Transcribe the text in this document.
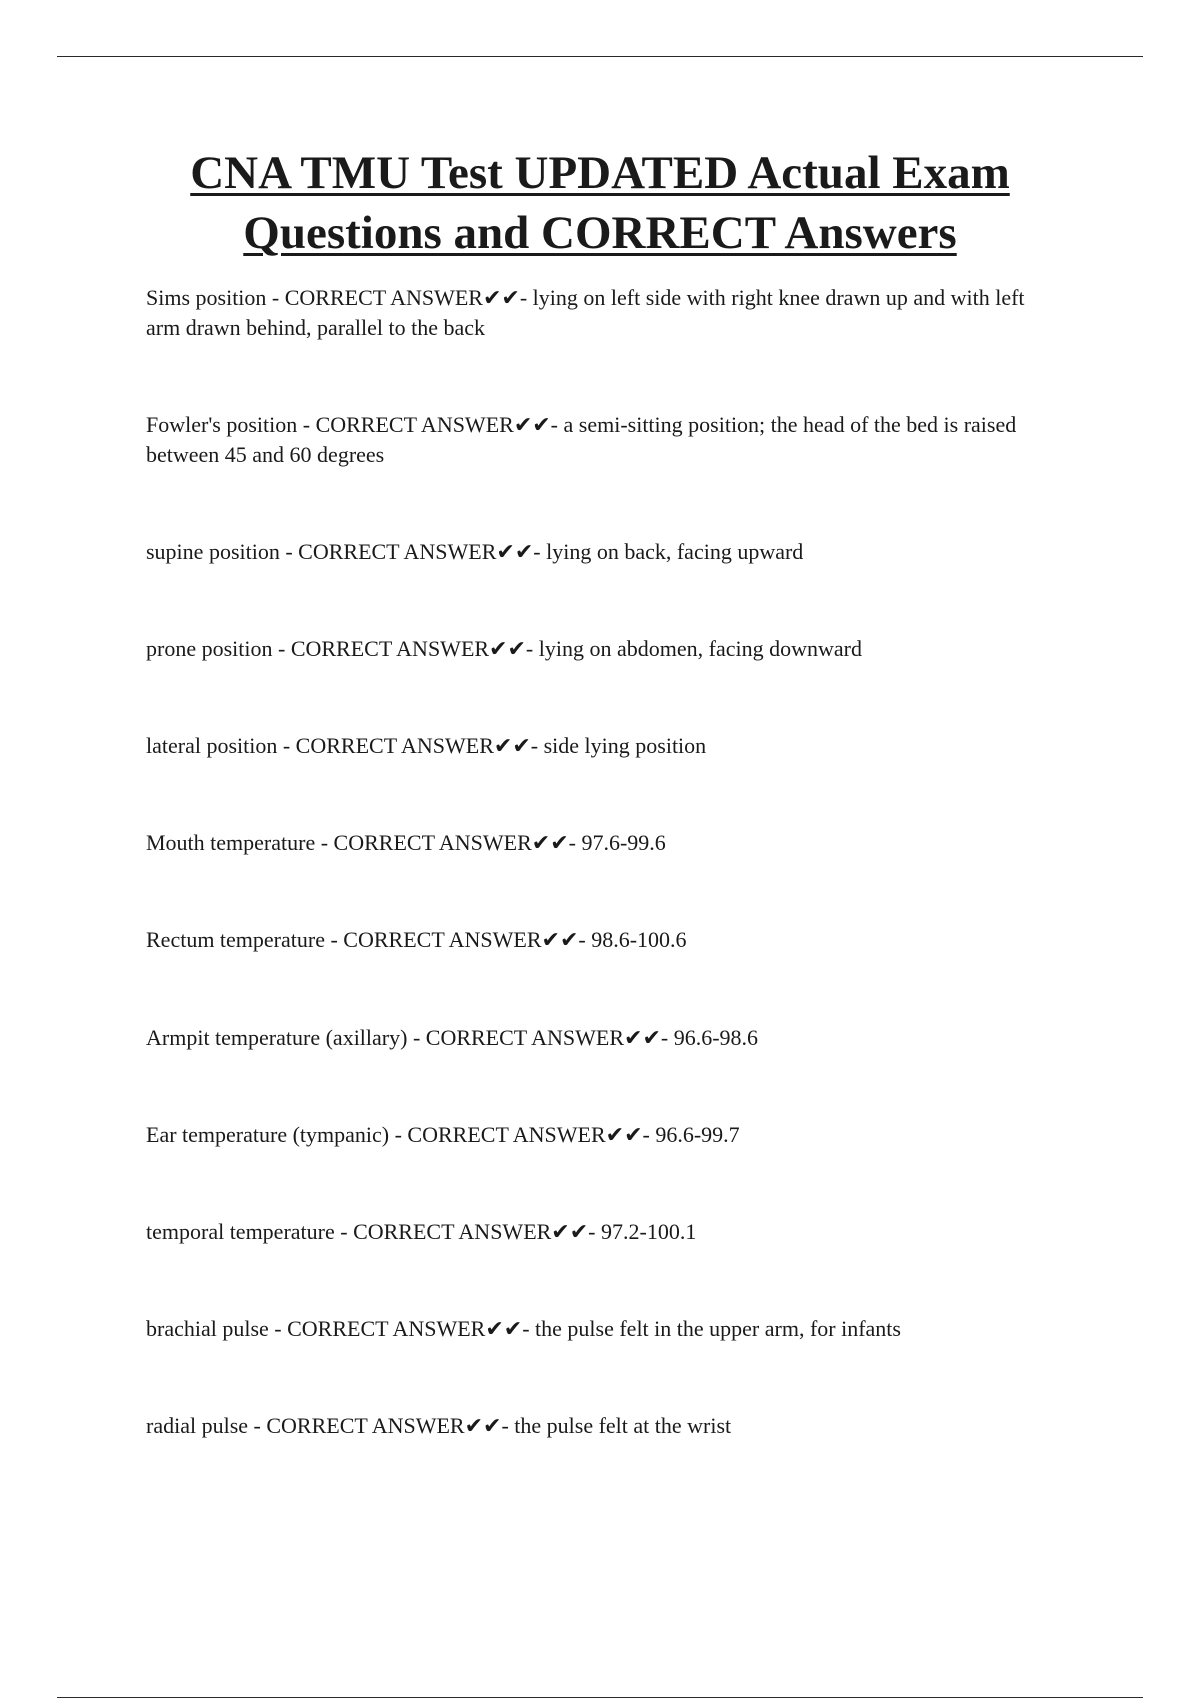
CNA TMU Test UPDATED Actual Exam
Questions and CORRECT Answers
Sims position - CORRECT ANSWER✔✔- lying on left side with right knee drawn up and with left arm drawn behind, parallel to the back
Fowler's position - CORRECT ANSWER✔✔- a semi-sitting position; the head of the bed is raised between 45 and 60 degrees
supine position - CORRECT ANSWER✔✔- lying on back, facing upward
prone position - CORRECT ANSWER✔✔- lying on abdomen, facing downward
lateral position - CORRECT ANSWER✔✔- side lying position
Mouth temperature - CORRECT ANSWER✔✔- 97.6-99.6
Rectum temperature - CORRECT ANSWER✔✔- 98.6-100.6
Armpit temperature (axillary) - CORRECT ANSWER✔✔- 96.6-98.6
Ear temperature (tympanic) - CORRECT ANSWER✔✔- 96.6-99.7
temporal temperature - CORRECT ANSWER✔✔- 97.2-100.1
brachial pulse - CORRECT ANSWER✔✔- the pulse felt in the upper arm, for infants
radial pulse - CORRECT ANSWER✔✔- the pulse felt at the wrist
